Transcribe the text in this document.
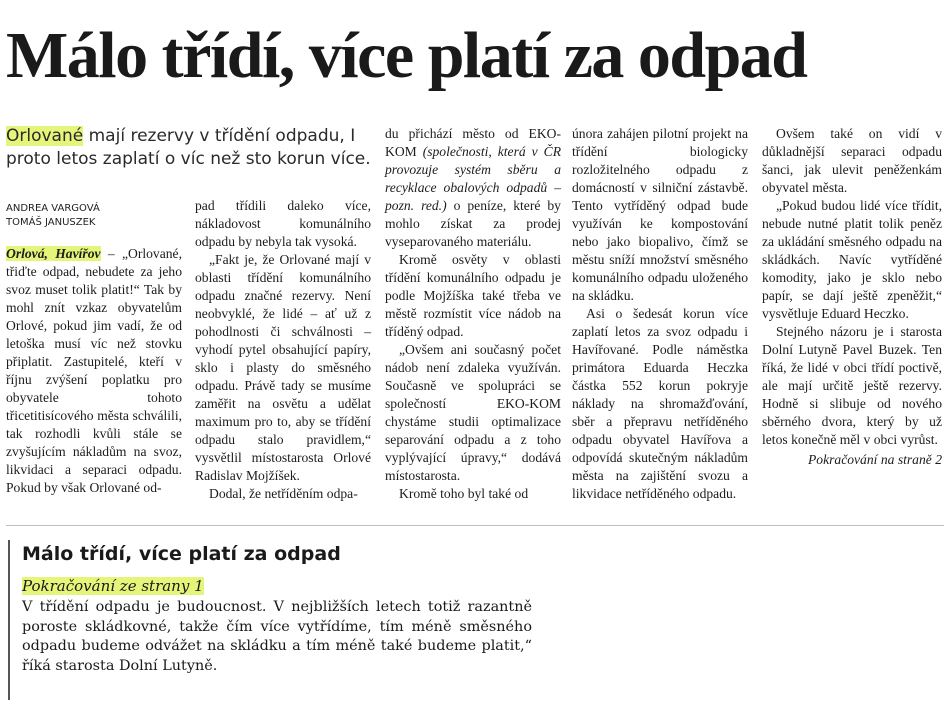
Málo třídí, více platí za odpad
Orlované mají rezervy v třídění odpadu, I proto letos zaplatí o víc než sto korun více.
ANDREA VARGOVÁ
TOMÁŠ JANUSZEK

Orlová, Havířov – „Orlované, třiďte odpad, nebudete za jeho svoz muset tolik platit!“ Tak by mohl znít vzkaz obyvatelům Orlové, pokud jim vadí, že od letoška musí víc než stovku připlatit. Zastupitelé, kteří v říjnu zvýšení poplatku pro obyvatele tohoto třicetitisícového města schválili, tak rozhodli kvůli stále se zvyšujícím nákladům na svoz, likvidaci a separaci odpadu. Pokud by však Orlované od-

pad třídili daleko více, nákladovost komunálního odpadu by nebyla tak vysoká.

„Fakt je, že Orlované mají v oblasti třídění komunálního odpadu značné rezervy. Není neobvyklé, že lidé – ať už z pohodlnosti či schválnosti – vyhodí pytel obsahující papíry, sklo i plasty do směsného odpadu. Právě tady se musíme zaměřit na osvětu a udělat maximum pro to, aby se třídění odpadu stalo pravidlem,“ vysvětlil místostarosta Orlové Radislav Mojžíšek.

Dodal, že netříděním odpa-

du přichází město od EKO-KOM (společnosti, která v ČR provozuje systém sběru a recyklace obalových odpadů – pozn. red.) o peníze, které by mohlo získat za prodej vyseparovaného materiálu.

Kromě osvěty v oblasti třídění komunálního odpadu je podle Mojžíška také třeba ve městě rozmístit více nádob na tříděný odpad.

„Ovšem ani současný počet nádob není zdaleka využíván. Současně ve spolupráci se společností EKO-KOM chystáme studii optimalizace separování odpadu a z toho vyplývající úpravy,“ dodává místostarosta.

Kromě toho byl také od

února zahájen pilotní projekt na třídění biologicky rozložitelného odpadu z domácností v silniční zástavbě. Tento vytříděný odpad bude využíván ke kompostování nebo jako biopalivo, čímž se městu sníží množství směsného komunálního odpadu uloženého na skládku.

Asi o šedesát korun více zaplatí letos za svoz odpadu i Havířované. Podle náměstka primátora Eduarda Heczka částka 552 korun pokryje náklady na shromažďování, sběr a přepravu netříděného odpadu obyvatel Havířova a odpovídá skutečným nákladům města na zajištění svozu a likvidace netříděného odpadu.

Ovšem také on vidí v důkladnější separaci odpadu šanci, jak ulevit peněženkám obyvatel města.

„Pokud budou lidé více třídit, nebude nutné platit tolik peněz za ukládání směsného odpadu na skládkách. Navíc vytříděné komodity, jako je sklo nebo papír, se dají ještě zpeněžit,“ vysvětluje Eduard Heczko.

Stejného názoru je i starosta Dolní Lutyně Pavel Buzek. Ten říká, že lidé v obci třídí poctivě, ale mají určitě ještě rezervy. Hodně si slibuje od nového sběrného dvora, který by už letos konečně měl v obci vyrůst.

Pokračování na straně 2

Málo třídí, více platí za odpad
Pokračování ze strany 1
V třídění odpadu je budoucnost. V nejbližších letech totiž razantně poroste skládkovné, takže čím více vytřídíme, tím méně směsného odpadu budeme odvážet na skládku a tím méně také budeme platit,“ říká starosta Dolní Lutyně.
